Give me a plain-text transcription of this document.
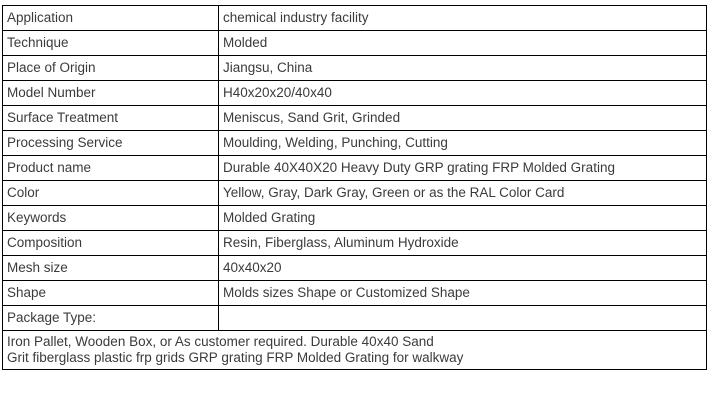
Application	chemical industry facility
Technique	Molded
Place of Origin	Jiangsu, China
Model Number	H40x20x20/40x40
Surface Treatment	Meniscus, Sand Grit, Grinded
Processing Service	Moulding, Welding, Punching, Cutting
Product name	Durable 40X40X20 Heavy Duty GRP grating FRP Molded Grating
Color	Yellow, Gray, Dark Gray, Green or as the RAL Color Card
Keywords	Molded Grating
Composition	Resin, Fiberglass, Aluminum Hydroxide
Mesh size	40x40x20
Shape	Molds sizes Shape or Customized Shape
Package Type:	

Iron Pallet, Wooden Box, or As customer required. Durable 40x40 Sand
Grit fiberglass plastic frp grids GRP grating FRP Molded Grating for walkway	
